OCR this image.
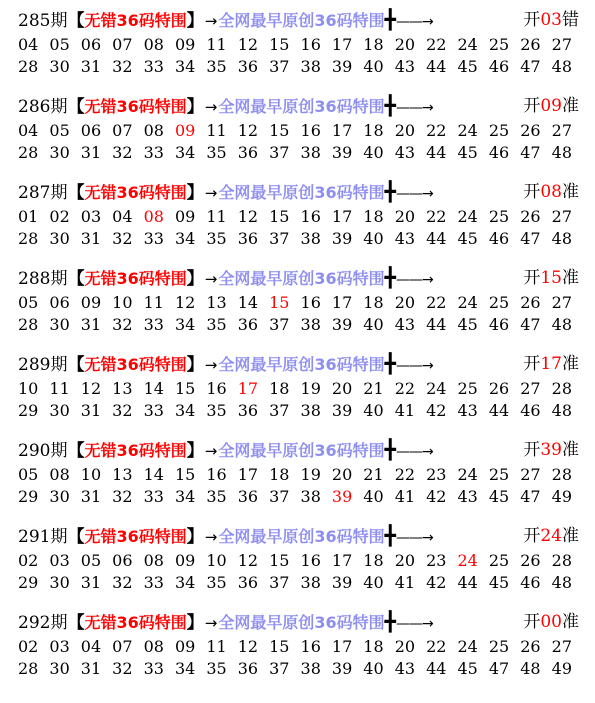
285期【无错36码特围】→全网最早原创36码特围╋——→	开03错
04 05 06 07 08 09 11 12 15 16 17 18 20 22 24 25 26 27
28 30 31 32 33 34 35 36 37 38 39 40 43 44 45 46 47 48
286期【无错36码特围】→全网最早原创36码特围╋——→	开09准
04 05 06 07 08 09 11 12 15 16 17 18 20 22 24 25 26 27
28 30 31 32 33 34 35 36 37 38 39 40 43 44 45 46 47 48
287期【无错36码特围】→全网最早原创36码特围╋——→	开08准
01 02 03 04 08 09 11 12 15 16 17 18 20 22 24 25 26 27
28 30 31 32 33 34 35 36 37 38 39 40 43 44 45 46 47 48
288期【无错36码特围】→全网最早原创36码特围╋——→	开15准
05 06 09 10 11 12 13 14 15 16 17 18 20 22 24 25 26 27
28 30 31 32 33 34 35 36 37 38 39 40 43 44 45 46 47 48
289期【无错36码特围】→全网最早原创36码特围╋——→	开17准
10 11 12 13 14 15 16 17 18 19 20 21 22 24 25 26 27 28
29 30 31 32 33 34 35 36 37 38 39 40 41 42 43 44 46 48
290期【无错36码特围】→全网最早原创36码特围╋——→	开39准
05 08 10 13 14 15 16 17 18 19 20 21 22 23 24 25 27 28
29 30 31 32 33 34 35 36 37 38 39 40 41 42 43 45 47 49
291期【无错36码特围】→全网最早原创36码特围╋——→	开24准
02 03 05 06 08 09 10 12 15 16 17 18 20 23 24 25 26 28
29 30 31 32 33 34 35 36 37 38 39 40 41 42 44 45 46 48
292期【无错36码特围】→全网最早原创36码特围╋——→	开00准
02 03 04 07 08 09 11 12 15 16 17 18 20 22 24 25 26 27
28 30 31 32 33 34 35 36 37 38 39 40 43 44 45 47 48 49
